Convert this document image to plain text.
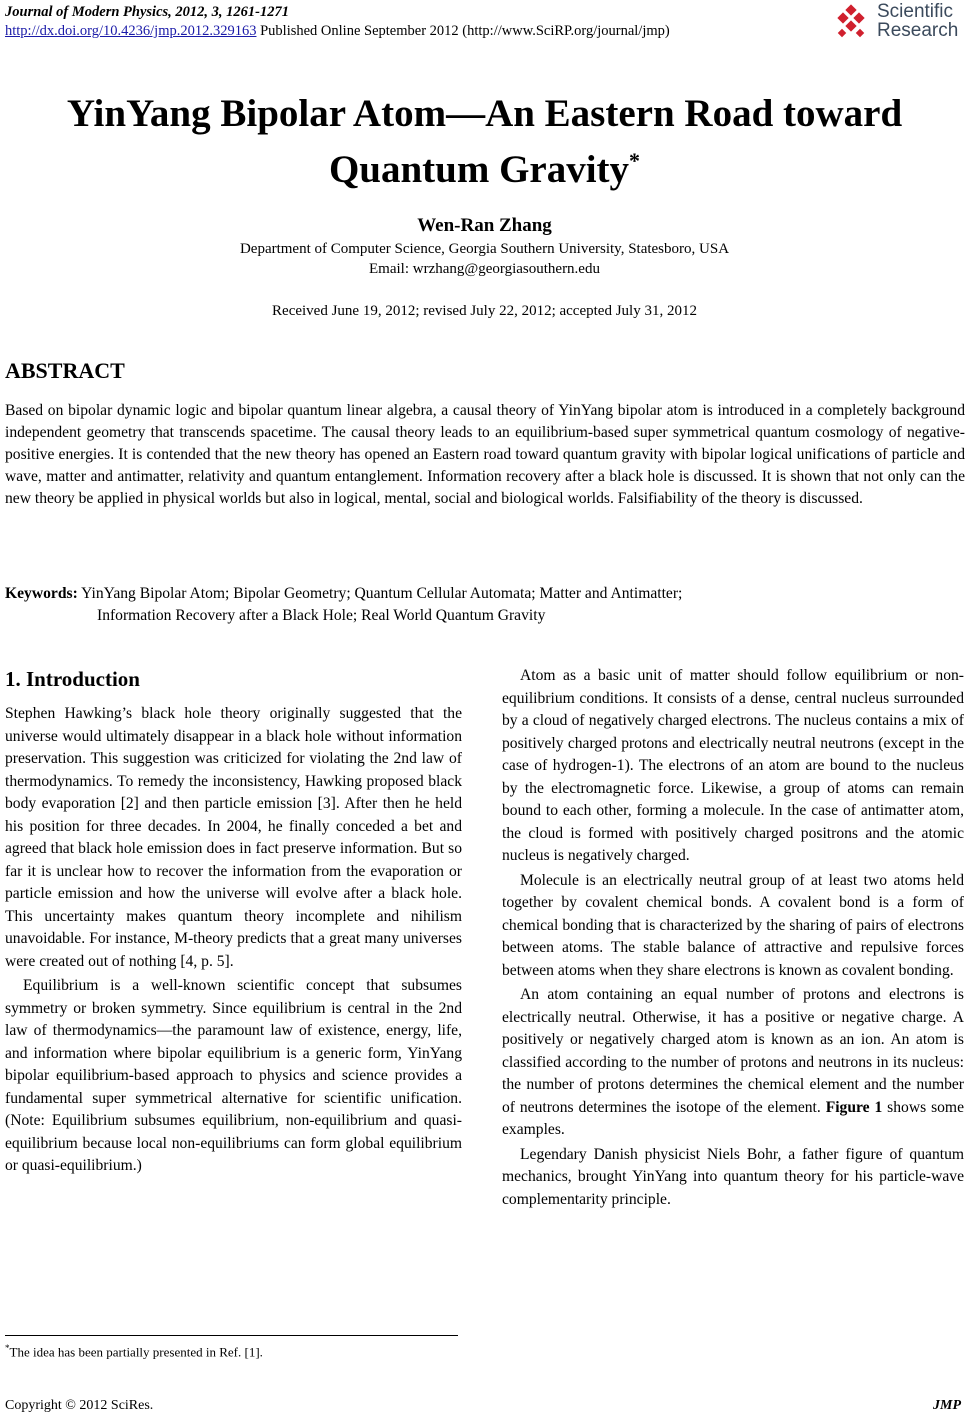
Journal of Modern Physics, 2012, 3, 1261-1271
http://dx.doi.org/10.4236/jmp.2012.329163 Published Online September 2012 (http://www.SciRP.org/journal/jmp)
Scientific
Research
YinYang Bipolar Atom—An Eastern Road toward
Quantum Gravity*
Wen-Ran Zhang
Department of Computer Science, Georgia Southern University, Statesboro, USA
Email: wrzhang@georgiasouthern.edu
Received June 19, 2012; revised July 22, 2012; accepted July 31, 2012
ABSTRACT
Based on bipolar dynamic logic and bipolar quantum linear algebra, a causal theory of YinYang bipolar atom is introduced in a completely background independent geometry that transcends spacetime. The causal theory leads to an equilibrium-based super symmetrical quantum cosmology of negative-positive energies. It is contended that the new theory has opened an Eastern road toward quantum gravity with bipolar logical unifications of particle and wave, matter and antimatter, relativity and quantum entanglement. Information recovery after a black hole is discussed. It is shown that not only can the new theory be applied in physical worlds but also in logical, mental, social and biological worlds. Falsifiability of the theory is discussed.
Keywords: YinYang Bipolar Atom; Bipolar Geometry; Quantum Cellular Automata; Matter and Antimatter;
Information Recovery after a Black Hole; Real World Quantum Gravity
1. Introduction

Stephen Hawking’s black hole theory originally suggested that the universe would ultimately disappear in a black hole without information preservation. This suggestion was criticized for violating the 2nd law of thermodynamics. To remedy the inconsistency, Hawking proposed black body evaporation [2] and then particle emission [3]. After then he held his position for three decades. In 2004, he finally conceded a bet and agreed that black hole emission does in fact preserve information. But so far it is unclear how to recover the information from the evaporation or particle emission and how the universe will evolve after a black hole. This uncertainty makes quantum theory incomplete and nihilism unavoidable. For instance, M-theory predicts that a great many universes were created out of nothing [4, p. 5].

Equilibrium is a well-known scientific concept that subsumes symmetry or broken symmetry. Since equilibrium is central in the 2nd law of thermodynamics—the paramount law of existence, energy, life, and information where bipolar equilibrium is a generic form, YinYang bipolar equilibrium-based approach to physics and science provides a fundamental super symmetrical alternative for scientific unification. (Note: Equilibrium subsumes equilibrium, non-equilibrium and quasi-equilibrium because local non-equilibriums can form global equilibrium or quasi-equilibrium.)

Atom as a basic unit of matter should follow equilibrium or non-equilibrium conditions. It consists of a dense, central nucleus surrounded by a cloud of negatively charged electrons. The nucleus contains a mix of positively charged protons and electrically neutral neutrons (except in the case of hydrogen-1). The electrons of an atom are bound to the nucleus by the electromagnetic force. Likewise, a group of atoms can remain bound to each other, forming a molecule. In the case of antimatter atom, the cloud is formed with positively charged positrons and the atomic nucleus is negatively charged.

Molecule is an electrically neutral group of at least two atoms held together by covalent chemical bonds. A covalent bond is a form of chemical bonding that is characterized by the sharing of pairs of electrons between atoms. The stable balance of attractive and repulsive forces between atoms when they share electrons is known as covalent bonding.

An atom containing an equal number of protons and electrons is electrically neutral. Otherwise, it has a positive or negative charge. A positively or negatively charged atom is known as an ion. An atom is classified according to the number of protons and neutrons in its nucleus: the number of protons determines the chemical element and the number of neutrons determines the isotope of the element. Figure 1 shows some examples.

Legendary Danish physicist Niels Bohr, a father figure of quantum mechanics, brought YinYang into quantum theory for his particle-wave complementarity principle.

*The idea has been partially presented in Ref. [1].
Copyright © 2012 SciRes.	JMP
